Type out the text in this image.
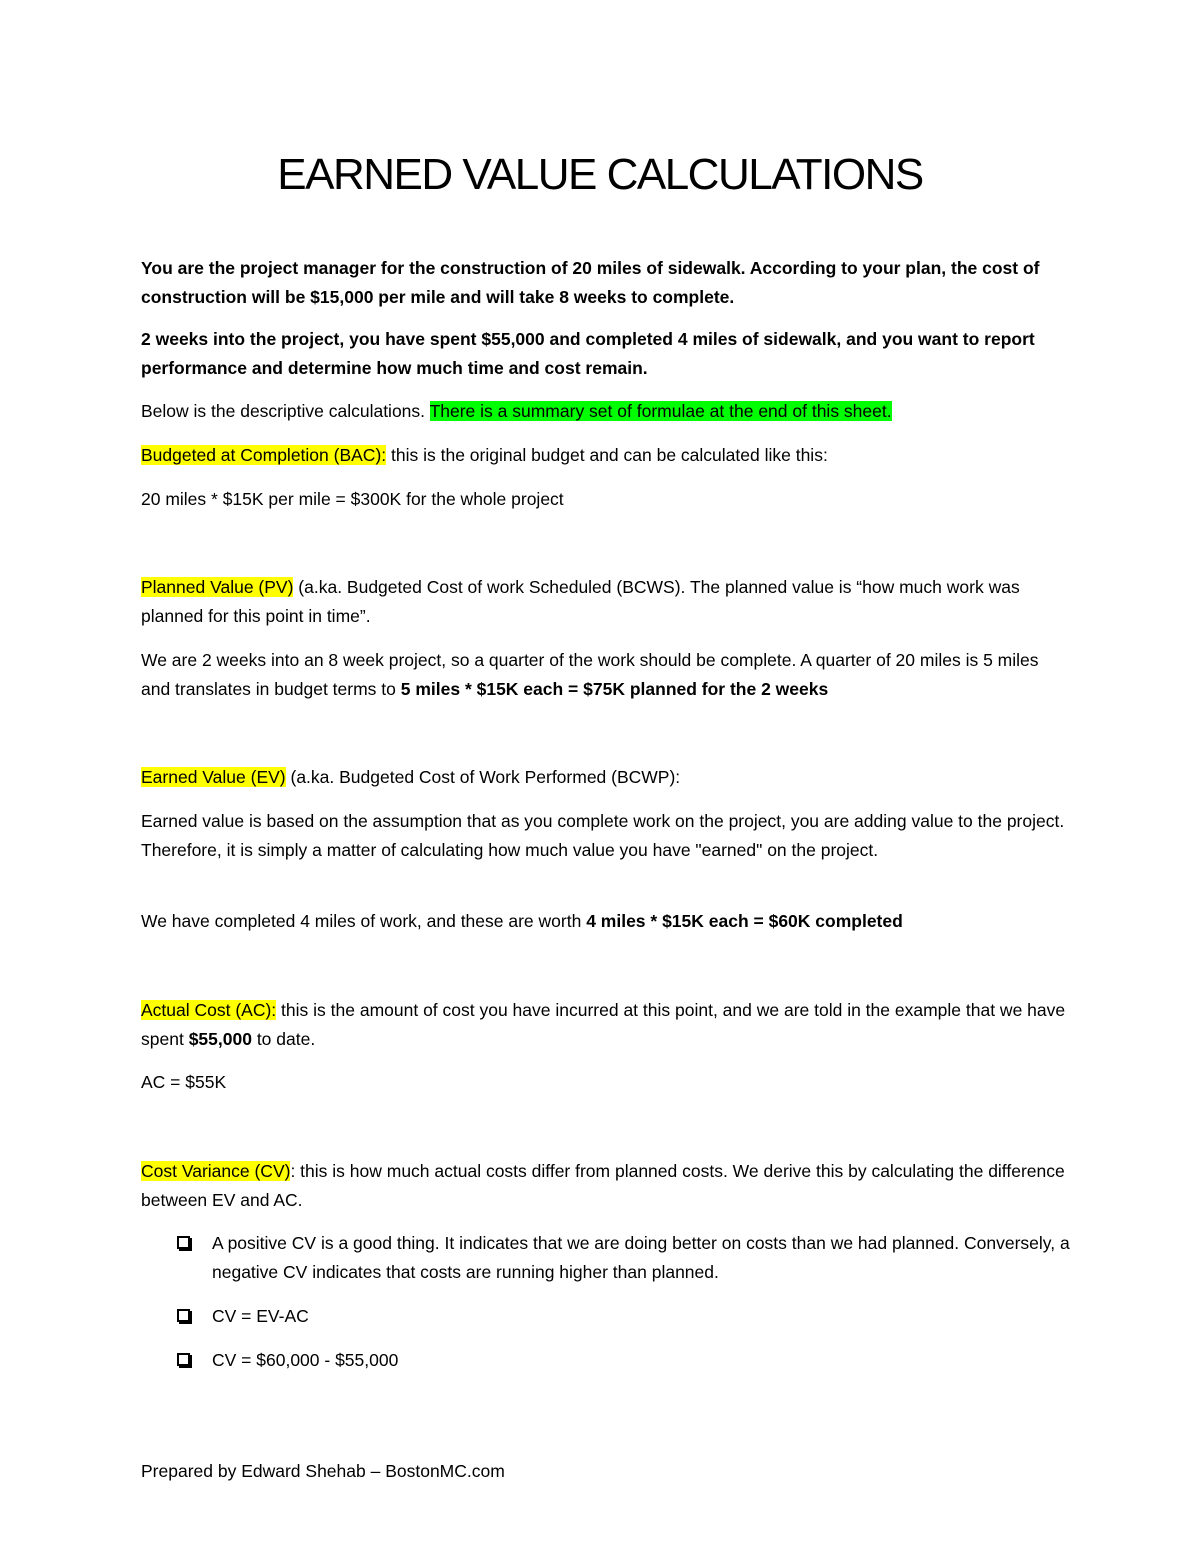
EARNED VALUE CALCULATIONS

You are the project manager for the construction of 20 miles of sidewalk. According to your plan, the cost of construction will be $15,000 per mile and will take 8 weeks to complete.

2 weeks into the project, you have spent $55,000 and completed 4 miles of sidewalk, and you want to report performance and determine how much time and cost remain.

Below is the descriptive calculations. There is a summary set of formulae at the end of this sheet.

Budgeted at Completion (BAC): this is the original budget and can be calculated like this:

20 miles * $15K per mile = $300K for the whole project

Planned Value (PV) (a.ka. Budgeted Cost of work Scheduled (BCWS). The planned value is “how much work was planned for this point in time”.

We are 2 weeks into an 8 week project, so a quarter of the work should be complete. A quarter of 20 miles is 5 miles and translates in budget terms to 5 miles * $15K each = $75K planned for the 2 weeks

Earned Value (EV) (a.ka. Budgeted Cost of Work Performed (BCWP):

Earned value is based on the assumption that as you complete work on the project, you are adding value to the project. Therefore, it is simply a matter of calculating how much value you have "earned" on the project.

We have completed 4 miles of work, and these are worth 4 miles * $15K each = $60K completed

Actual Cost (AC): this is the amount of cost you have incurred at this point, and we are told in the example that we have spent $55,000 to date.

AC = $55K

Cost Variance (CV): this is how much actual costs differ from planned costs. We derive this by calculating the difference between EV and AC.

A positive CV is a good thing. It indicates that we are doing better on costs than we had planned. Conversely, a negative CV indicates that costs are running higher than planned.
CV = EV-AC
CV = $60,000 - $55,000
Prepared by Edward Shehab – BostonMC.com
